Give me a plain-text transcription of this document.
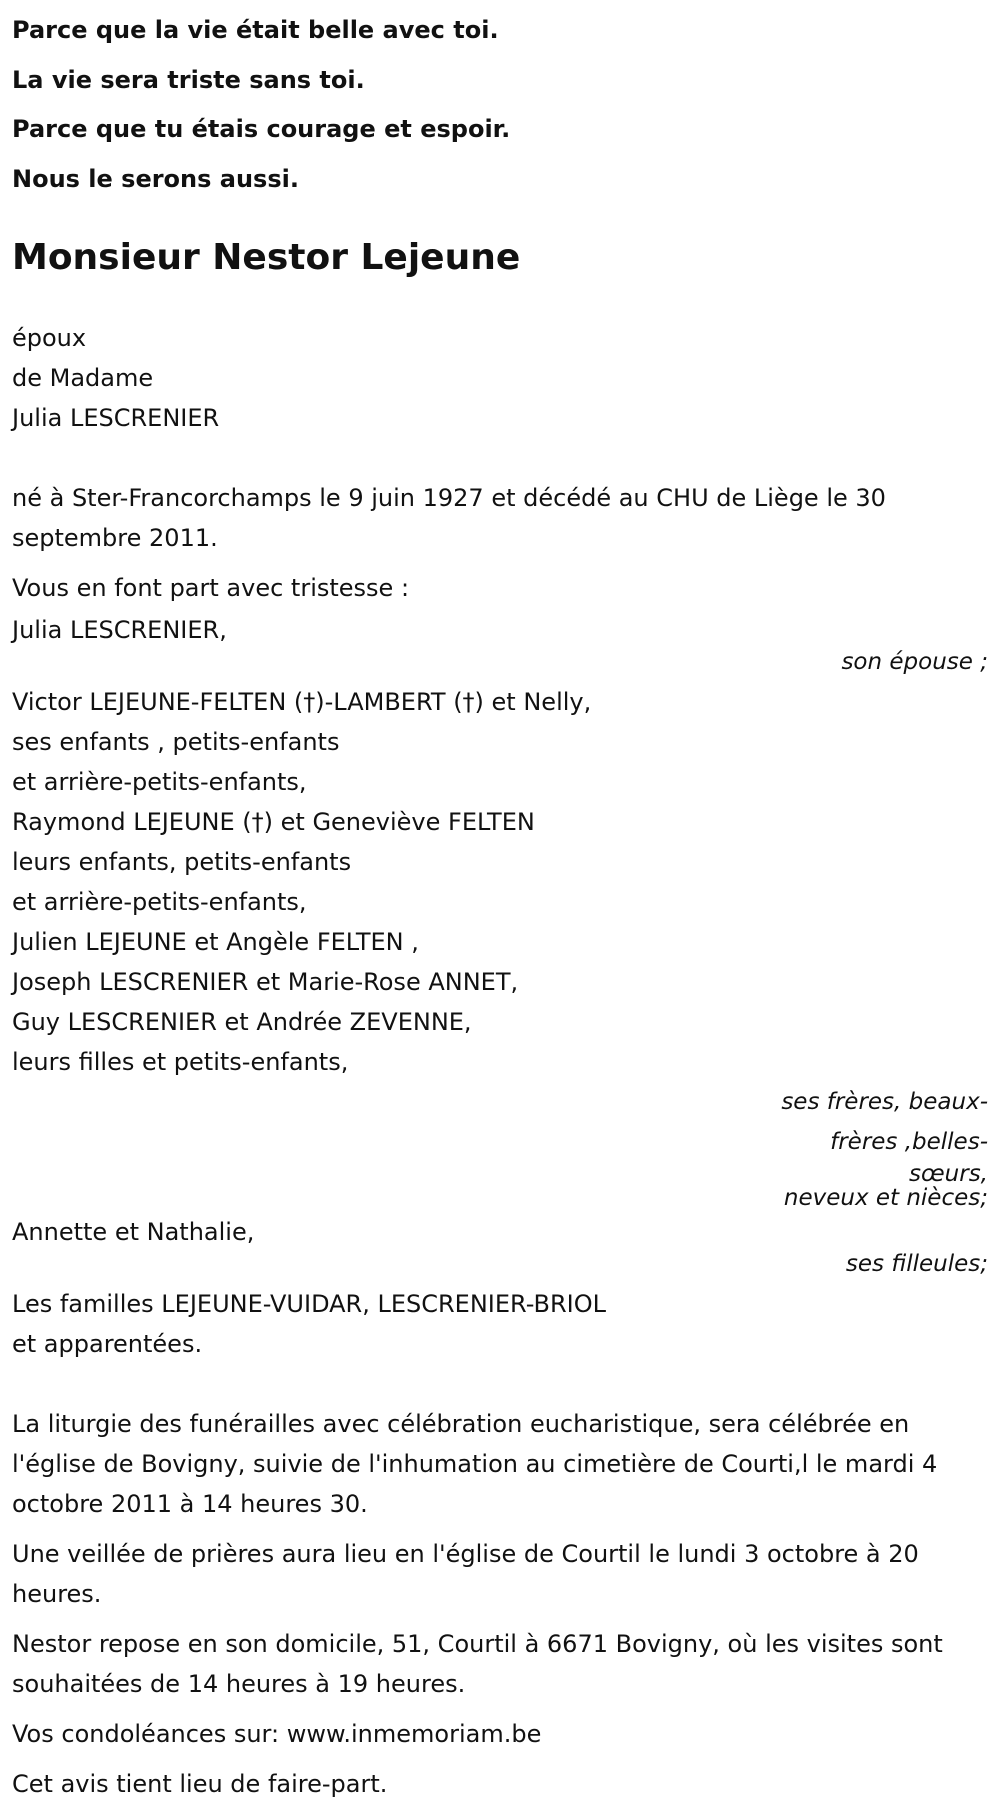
Parce que la vie était belle avec toi.

La vie sera triste sans toi.

Parce que tu étais courage et espoir.

Nous le serons aussi.

Monsieur Nestor Lejeune

époux

de Madame

Julia LESCRENIER

né à Ster-Francorchamps le 9 juin 1927 et décédé au CHU de Liège le 30 septembre 2011.

Vous en font part avec tristesse :

Julia LESCRENIER,

son épouse ;

Victor LEJEUNE-FELTEN (†)-LAMBERT (†) et Nelly,

ses enfants , petits-enfants

et arrière-petits-enfants,

Raymond LEJEUNE (†) et Geneviève FELTEN

leurs enfants, petits-enfants

et arrière-petits-enfants,

Julien LEJEUNE et Angèle FELTEN ,

Joseph LESCRENIER et Marie-Rose ANNET,

Guy LESCRENIER et Andrée ZEVENNE,

leurs filles et petits-enfants,

ses frères, beaux-
frères ,belles-
sœurs,

neveux et nièces;

Annette et Nathalie,

ses filleules;

Les familles LEJEUNE-VUIDAR, LESCRENIER-BRIOL

et apparentées.

La liturgie des funérailles avec célébration eucharistique, sera célébrée en l'église de Bovigny, suivie de l'inhumation au cimetière de Courti,l le mardi 4 octobre 2011 à 14 heures 30.

Une veillée de prières aura lieu en l'église de Courtil le lundi 3 octobre à 20 heures.

Nestor repose en son domicile, 51, Courtil à 6671 Bovigny, où les visites sont souhaitées de 14 heures à 19 heures.

Vos condoléances sur: www.inmemoriam.be

Cet avis tient lieu de faire-part.
